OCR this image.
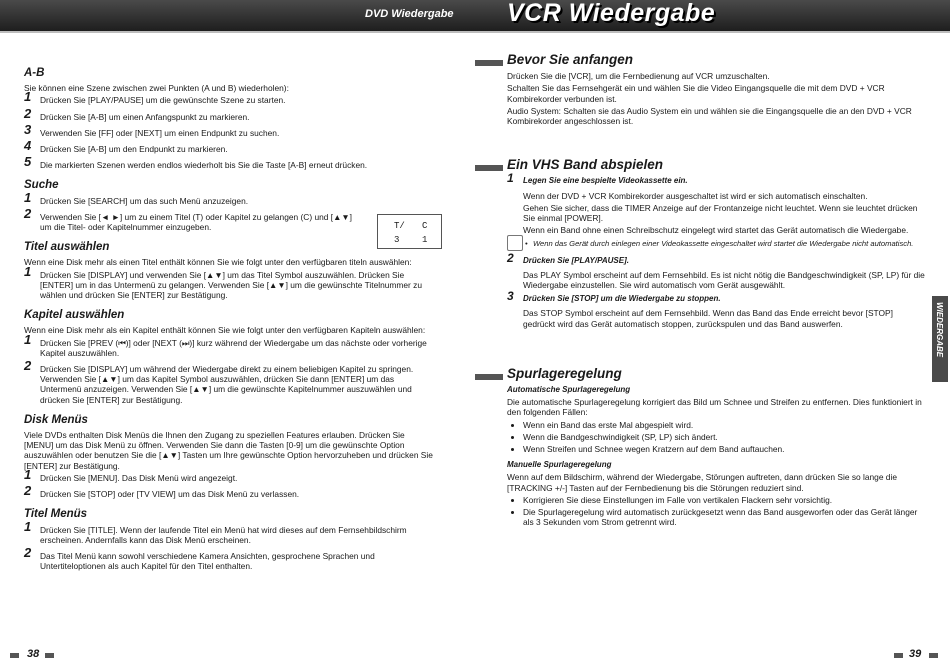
DVD Wiedergabe VCR Wiedergabe
A-B

Sie können eine Szene zwischen zwei Punkten (A und B) wiederholen):

1 Drücken Sie [PLAY/PAUSE] um die gewünschte Szene zu starten.
2 Drücken Sie [A-B] um einen Anfangspunkt zu markieren.
3 Verwenden Sie [FF] oder [NEXT] um einen Endpunkt zu suchen.
4 Drücken Sie [A-B] um den Endpunkt zu markieren.
5 Die markierten Szenen werden endlos wiederholt bis Sie die Taste [A-B] erneut drücken.
Suche
1 Drücken Sie [SEARCH] um das such Menü anzuzeigen.
2 Verwenden Sie [◄ ►] um zu einem Titel (T) oder Kapitel zu gelangen (C) und [▲▼] um die Titel- oder Kapitelnummer einzugeben.
Titel auswählen

Wenn eine Disk mehr als einen Titel enthält können Sie wie folgt unter den verfügbaren titeln auswählen:

1 Drücken Sie [DISPLAY] und verwenden Sie [▲▼] um das Titel Symbol auszuwählen. Drücken Sie [ENTER] um in das Untermenü zu gelangen. Verwenden Sie [▲▼] um die gewünschte Titelnummer zu wählen und drücken Sie [ENTER] zur Bestätigung.
Kapitel auswählen

Wenn eine Disk mehr als ein Kapitel enthält können Sie wie folgt unter den verfügbaren Kapiteln auswählen:

1 Drücken Sie [PREV (⏮)] oder [NEXT (⏭)] kurz während der Wiedergabe um das nächste oder vorherige Kapitel auszuwählen.
2 Drücken Sie [DISPLAY] um während der Wiedergabe direkt zu einem beliebigen Kapitel zu springen. Verwenden Sie [▲▼] um das Kapitel Symbol auszuwählen, drücken Sie dann [ENTER] um das Untermenü anzuzeigen. Verwenden Sie [▲▼] um die gewünschte Kapitelnummer auszuwählen und drücken Sie [ENTER] zur Bestätigung.
Disk Menüs

Viele DVDs enthalten Disk Menüs die Ihnen den Zugang zu speziellen Features erlauben. Drücken Sie [MENU] um das Disk Menü zu öffnen. Verwenden Sie dann die Tasten [0-9] um die gewünschte Option auszuwählen oder benutzen Sie die [▲▼] Tasten um Ihre gewünschte Option hervorzuheben und drücken Sie [ENTER] zur Bestätigung.

1 Drücken Sie [MENU]. Das Disk Menü wird angezeigt.
2 Drücken Sie [STOP] oder [TV VIEW] um das Disk Menü zu verlassen.
Titel Menüs
1 Drücken Sie [TITLE]. Wenn der laufende Titel ein Menü hat wird dieses auf dem Fernsehbildschirm erscheinen. Andernfalls kann das Disk Menü erscheinen.
2 Das Titel Menü kann sowohl verschiedene Kamera Ansichten, gesprochene Sprachen und Untertiteloptionen als auch Kapitel für den Titel enthalten.
T/ C
3	1
Bevor Sie anfangen

Drücken Sie die [VCR], um die Fernbedienung auf VCR umzuschalten.

Schalten Sie das Fernsehgerät ein und wählen Sie die Video Eingangsquelle die mit dem DVD + VCR Kombirekorder verbunden ist.

Audio System: Schalten sie das Audio System ein und wählen sie die Eingangsquelle die an den DVD + VCR Kombirekorder angeschlossen ist.

Ein VHS Band abspielen
1 Legen Sie eine bespielte Videokassette ein.

Wenn der DVD + VCR Kombirekorder ausgeschaltet ist wird er sich automatisch einschalten.

Gehen Sie sicher, dass die TIMER Anzeige auf der Frontanzeige nicht leuchtet. Wenn sie leuchtet drücken Sie einmal [POWER].

Wenn ein Band ohne einen Schreibschutz eingelegt wird startet das Gerät automatisch die Wiedergabe.

• Wenn das Gerät durch einlegen einer Videokassette eingeschaltet wird startet die Wiedergabe nicht automatisch.
2 Drücken Sie [PLAY/PAUSE].

Das PLAY Symbol erscheint auf dem Fernsehbild. Es ist nicht nötig die Bandgeschwindigkeit (SP, LP) für die Wiedergabe einzustellen. Sie wird automatisch vom Gerät ausgewählt.

3 Drücken Sie [STOP] um die Wiedergabe zu stoppen.

Das STOP Symbol erscheint auf dem Fernsehbild. Wenn das Band das Ende erreicht bevor [STOP] gedrückt wird das Gerät automatisch stoppen, zurückspulen und das Band auswerfen.

Spurlageregelung
Automatische Spurlageregelung

Die automatische Spurlageregelung korrigiert das Bild um Schnee und Streifen zu entfernen. Dies funktioniert in den folgenden Fällen:

• Wenn ein Band das erste Mal abgespielt wird.
• Wenn die Bandgeschwindigkeit (SP, LP) sich ändert.
• Wenn Streifen und Schnee wegen Kratzern auf dem Band auftauchen.
Manuelle Spurlageregelung

Wenn auf dem Bildschirm, während der Wiedergabe, Störungen auftreten, dann drücken Sie so lange die [TRACKING +/-] Tasten auf der Fernbedienung bis die Störungen reduziert sind.

• Korrigieren Sie diese Einstellungen im Falle von vertikalen Flackern sehr vorsichtig.
• Die Spurlageregelung wird automatisch zurückgesetzt wenn das Band ausgeworfen oder das Gerät länger als 3 Sekunden vom Strom getrennt wird.
WIEDERGABE
38	39
